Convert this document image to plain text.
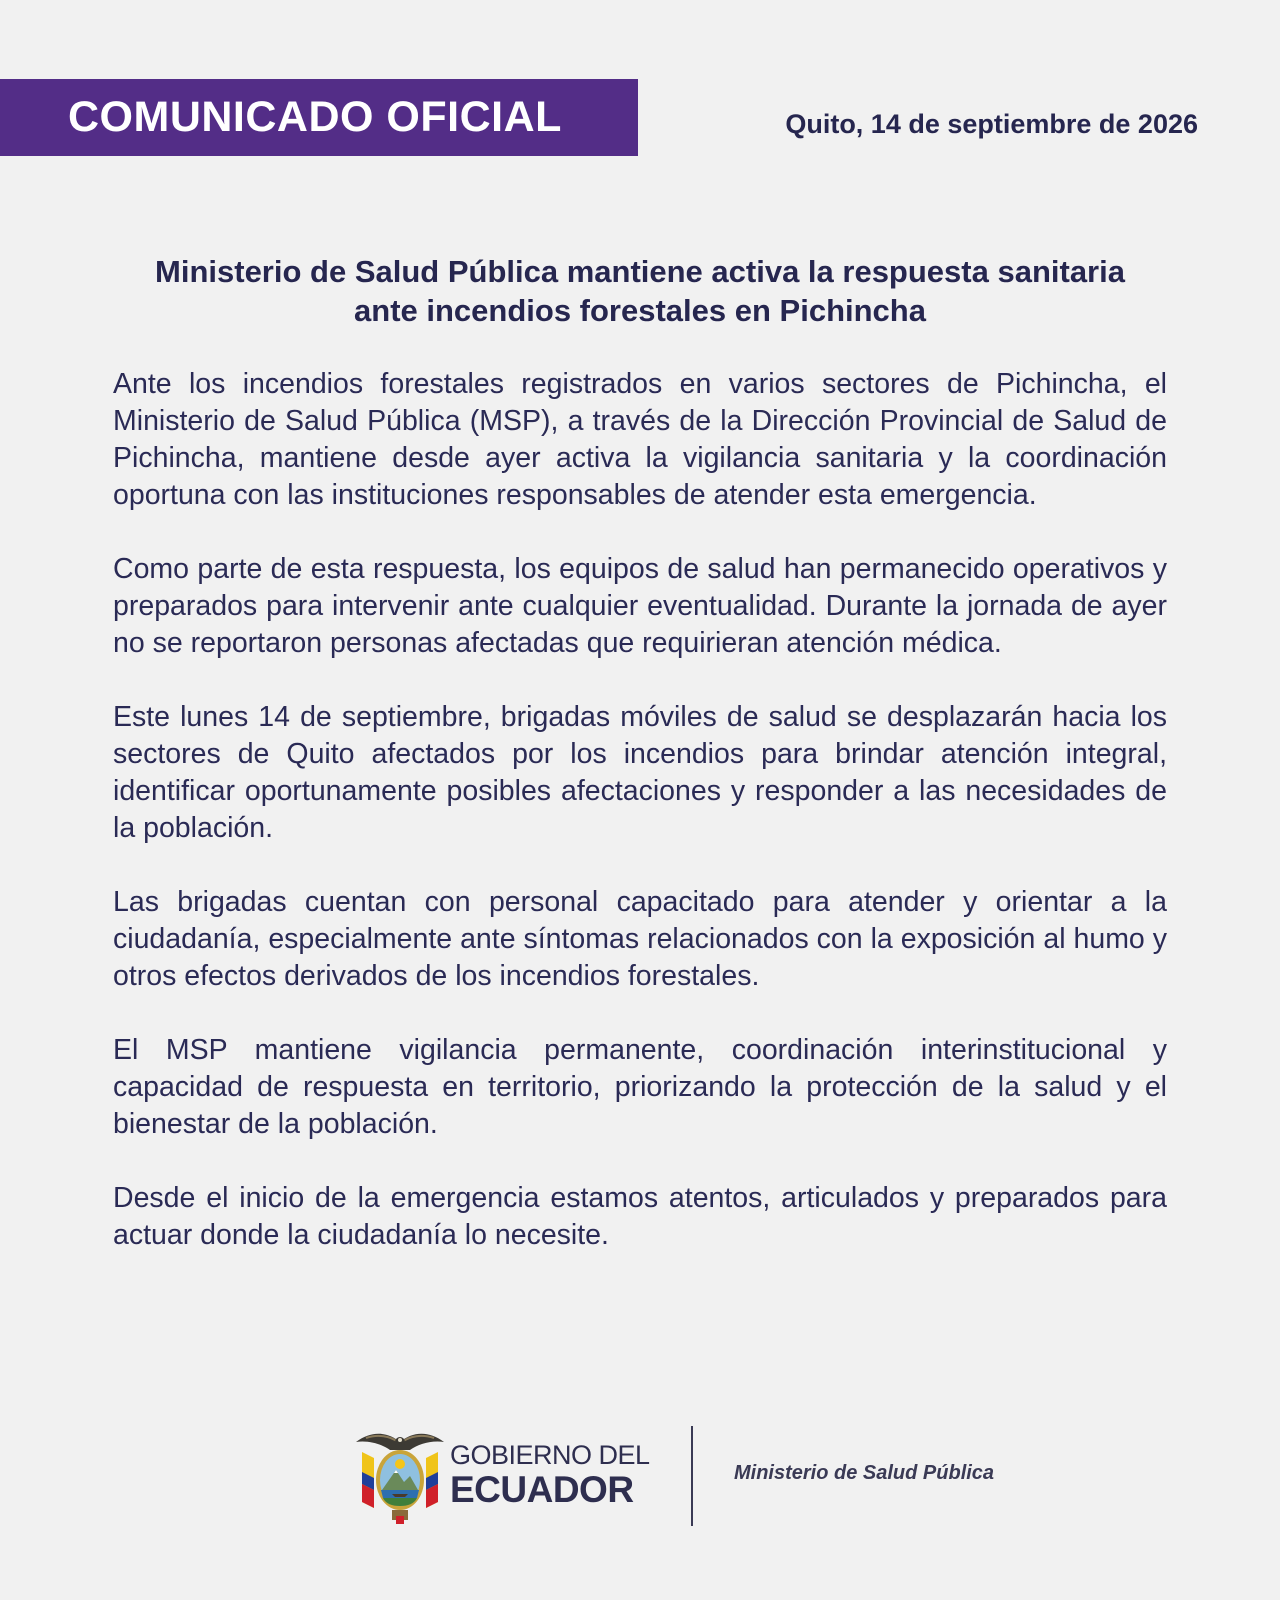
COMUNICADO OFICIAL	Quito, 14 de septiembre de 2026
Ministerio de Salud Pública mantiene activa la respuesta sanitaria
ante incendios forestales en Pichincha

Ante los incendios forestales registrados en varios sectores de Pichincha, el Ministerio de Salud Pública (MSP), a través de la Dirección Provincial de Salud de Pichincha, mantiene desde ayer activa la vigilancia sanitaria y la coordinación oportuna con las instituciones responsables de atender esta emergencia.

Como parte de esta respuesta, los equipos de salud han permanecido operativos y preparados para intervenir ante cualquier eventualidad. Durante la jornada de ayer no se reportaron personas afectadas que requirieran atención médica.

Este lunes 14 de septiembre, brigadas móviles de salud se desplazarán hacia los sectores de Quito afectados por los incendios para brindar atención integral, identificar oportunamente posibles afectaciones y responder a las necesidades de la población.

Las brigadas cuentan con personal capacitado para atender y orientar a la ciudadanía, especialmente ante síntomas relacionados con la exposición al humo y otros efectos derivados de los incendios forestales.

El MSP mantiene vigilancia permanente, coordinación interinstitucional y capacidad de respuesta en territorio, priorizando la protección de la salud y el bienestar de la población.

Desde el inicio de la emergencia estamos atentos, articulados y preparados para actuar donde la ciudadanía lo necesite.

GOBIERNO DEL
ECUADOR	Ministerio de Salud Pública
